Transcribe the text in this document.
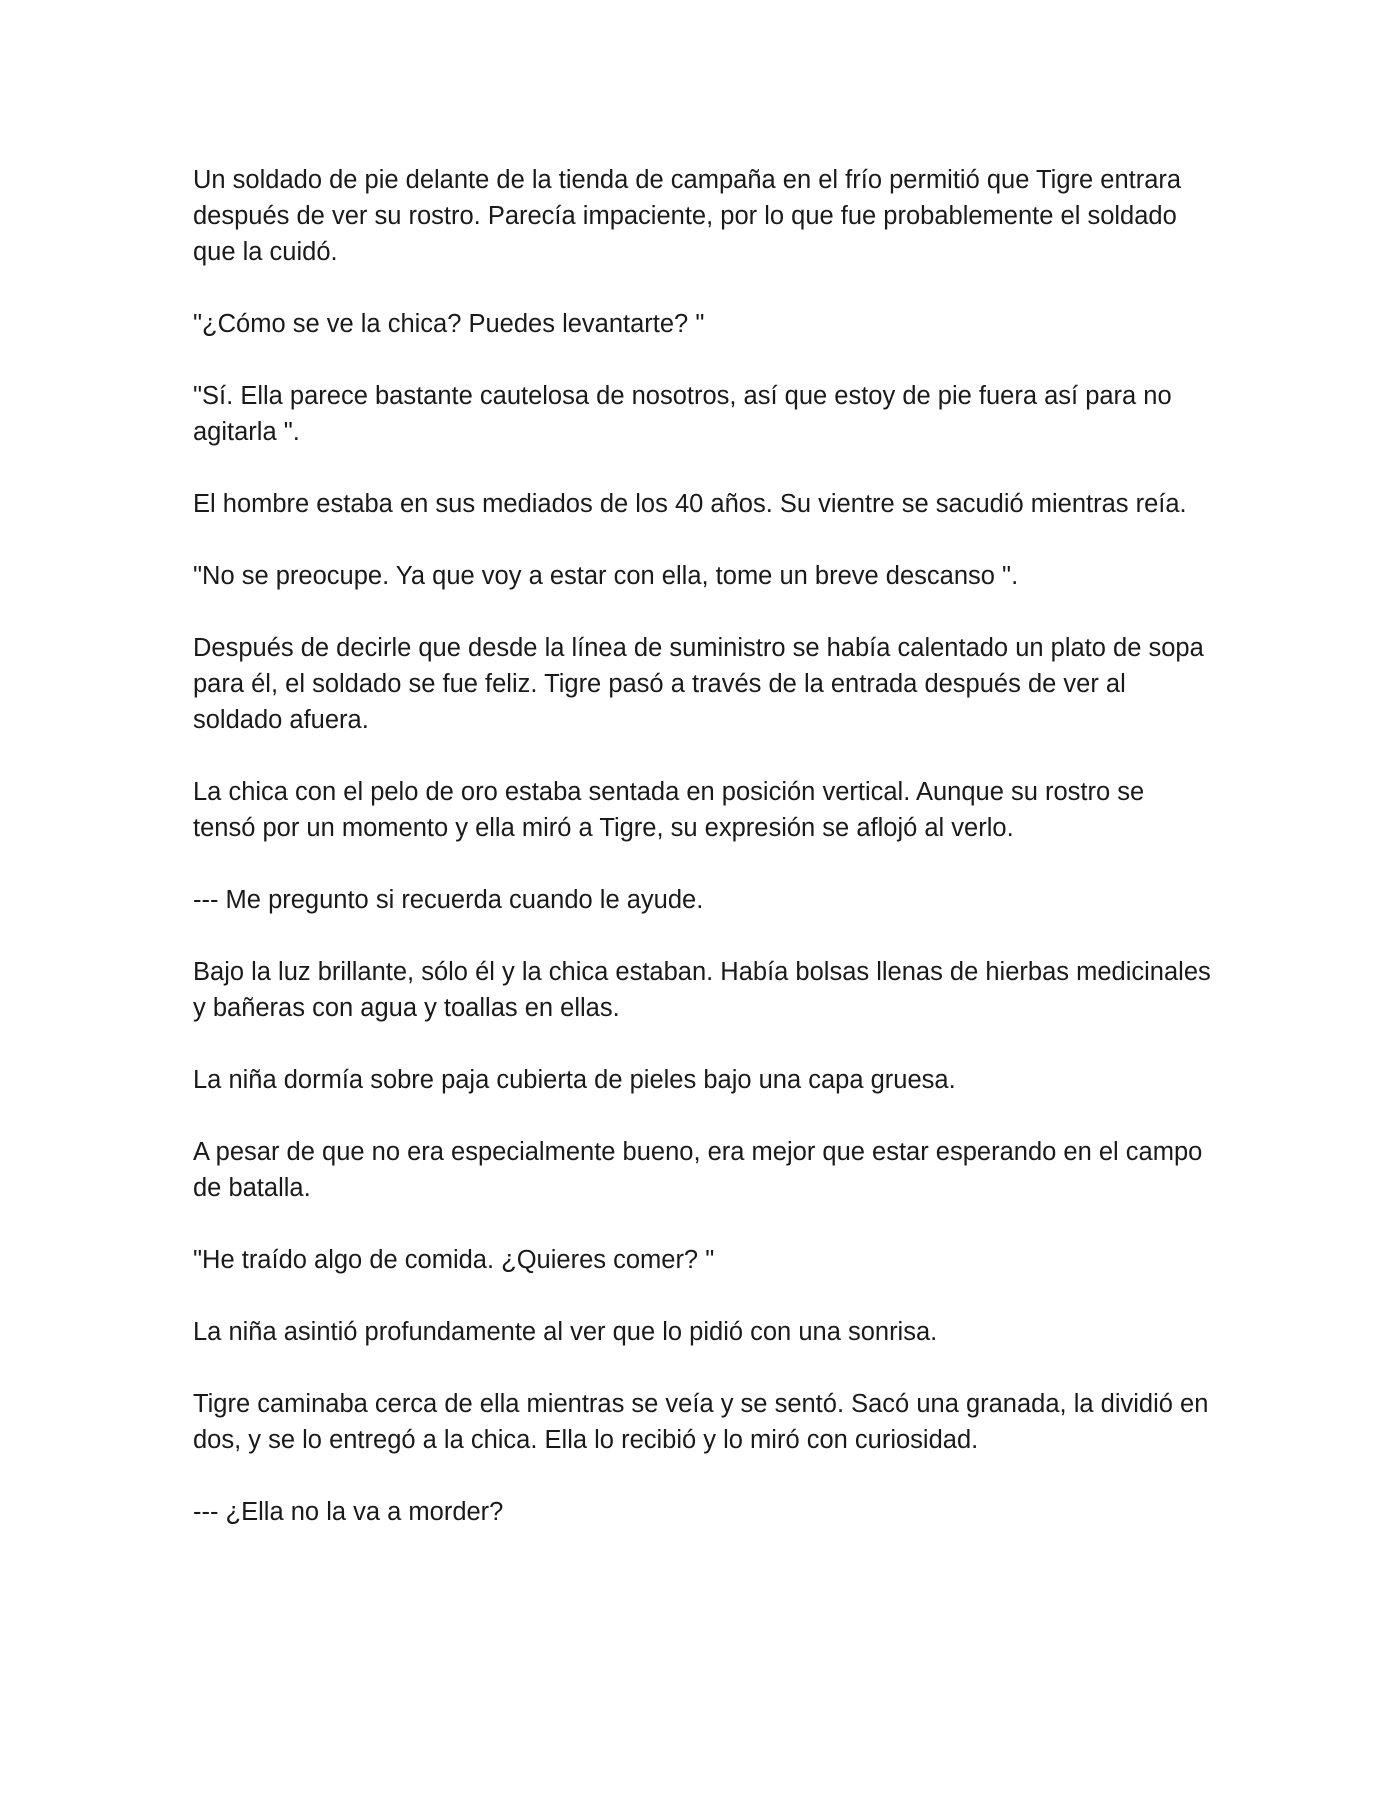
Un soldado de pie delante de la tienda de campaña en el frío permitió que Tigre entrara después de ver su rostro. Parecía impaciente, por lo que fue probablemente el soldado que la cuidó.

"¿Cómo se ve la chica? Puedes levantarte? "

"Sí. Ella parece bastante cautelosa de nosotros, así que estoy de pie fuera así para no agitarla ".

El hombre estaba en sus mediados de los 40 años. Su vientre se sacudió mientras reía.

"No se preocupe. Ya que voy a estar con ella, tome un breve descanso ".

Después de decirle que desde la línea de suministro se había calentado un plato de sopa para él, el soldado se fue feliz. Tigre pasó a través de la entrada después de ver al soldado afuera.

La chica con el pelo de oro estaba sentada en posición vertical. Aunque su rostro se tensó por un momento y ella miró a Tigre, su expresión se aflojó al verlo.

--- Me pregunto si recuerda cuando le ayude.

Bajo la luz brillante, sólo él y la chica estaban. Había bolsas llenas de hierbas medicinales y bañeras con agua y toallas en ellas.

La niña dormía sobre paja cubierta de pieles bajo una capa gruesa.

A pesar de que no era especialmente bueno, era mejor que estar esperando en el campo de batalla.

"He traído algo de comida. ¿Quieres comer? "

La niña asintió profundamente al ver que lo pidió con una sonrisa.

Tigre caminaba cerca de ella mientras se veía y se sentó. Sacó una granada, la dividió en dos, y se lo entregó a la chica. Ella lo recibió y lo miró con curiosidad.

--- ¿Ella no la va a morder?
